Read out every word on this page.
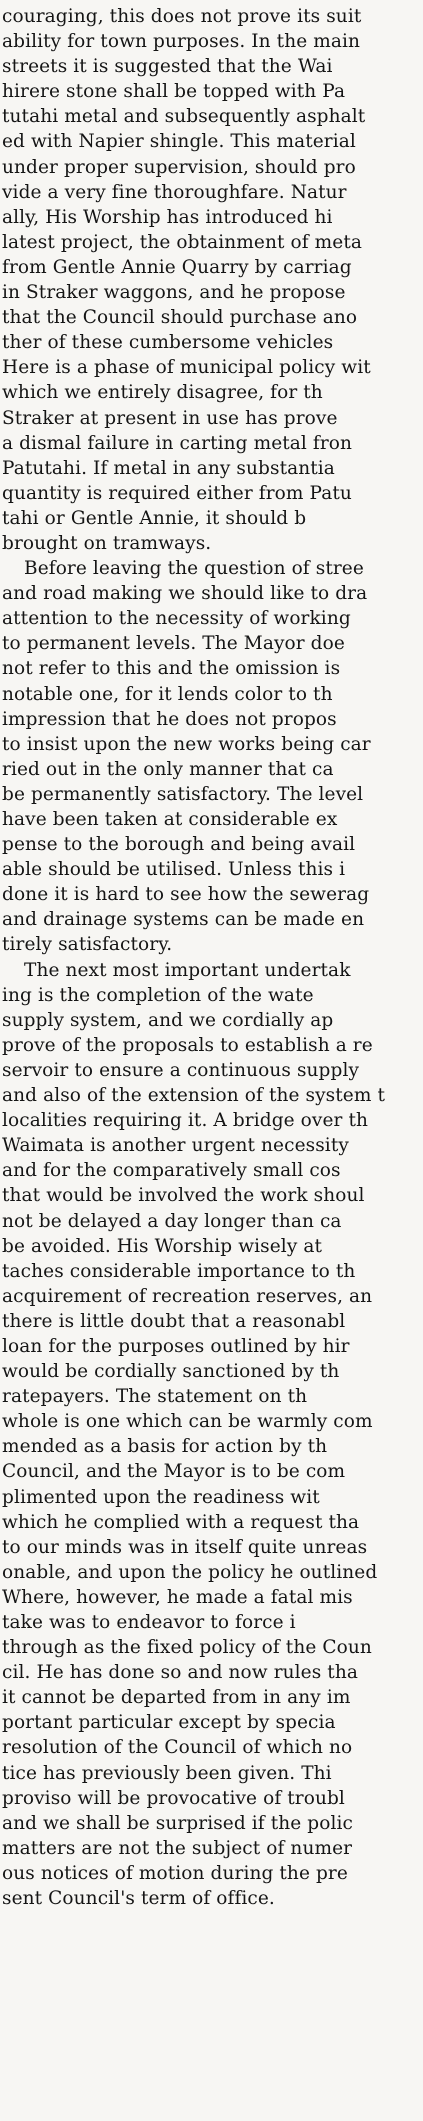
couraging, this does not prove its suit
ability for town purposes. In the main
streets it is suggested that the Wai
hirere stone shall be topped with Pa
tutahi metal and subsequently asphalt
ed with Napier shingle. This material
under proper supervision, should pro
vide a very fine thoroughfare. Natur
ally, His Worship has introduced hi
latest project, the obtainment of meta
from Gentle Annie Quarry by carriag
in Straker waggons, and he propose
that the Council should purchase ano
ther of these cumbersome vehicles
Here is a phase of municipal policy wit
which we entirely disagree, for th
Straker at present in use has prove
a dismal failure in carting metal fron
Patutahi. If metal in any substantia
quantity is required either from Patu
tahi or Gentle Annie, it should b
brought on tramways.
Before leaving the question of stree
and road making we should like to dra
attention to the necessity of working
to permanent levels. The Mayor doe
not refer to this and the omission is
notable one, for it lends color to th
impression that he does not propos
to insist upon the new works being car
ried out in the only manner that ca
be permanently satisfactory. The level
have been taken at considerable ex
pense to the borough and being avail
able should be utilised. Unless this i
done it is hard to see how the sewerag
and drainage systems can be made en
tirely satisfactory.
The next most important undertak
ing is the completion of the wate
supply system, and we cordially ap
prove of the proposals to establish a re
servoir to ensure a continuous supply
and also of the extension of the system t
localities requiring it. A bridge over th
Waimata is another urgent necessity
and for the comparatively small cos
that would be involved the work shoul
not be delayed a day longer than ca
be avoided. His Worship wisely at
taches considerable importance to th
acquirement of recreation reserves, an
there is little doubt that a reasonabl
loan for the purposes outlined by hir
would be cordially sanctioned by th
ratepayers. The statement on th
whole is one which can be warmly com
mended as a basis for action by th
Council, and the Mayor is to be com
plimented upon the readiness wit
which he complied with a request tha
to our minds was in itself quite unreas
onable, and upon the policy he outlined
Where, however, he made a fatal mis
take was to endeavor to force i
through as the fixed policy of the Coun
cil. He has done so and now rules tha
it cannot be departed from in any im
portant particular except by specia
resolution of the Council of which no
tice has previously been given. Thi
proviso will be provocative of troubl
and we shall be surprised if the polic
matters are not the subject of numer
ous notices of motion during the pre
sent Council's term of office.
